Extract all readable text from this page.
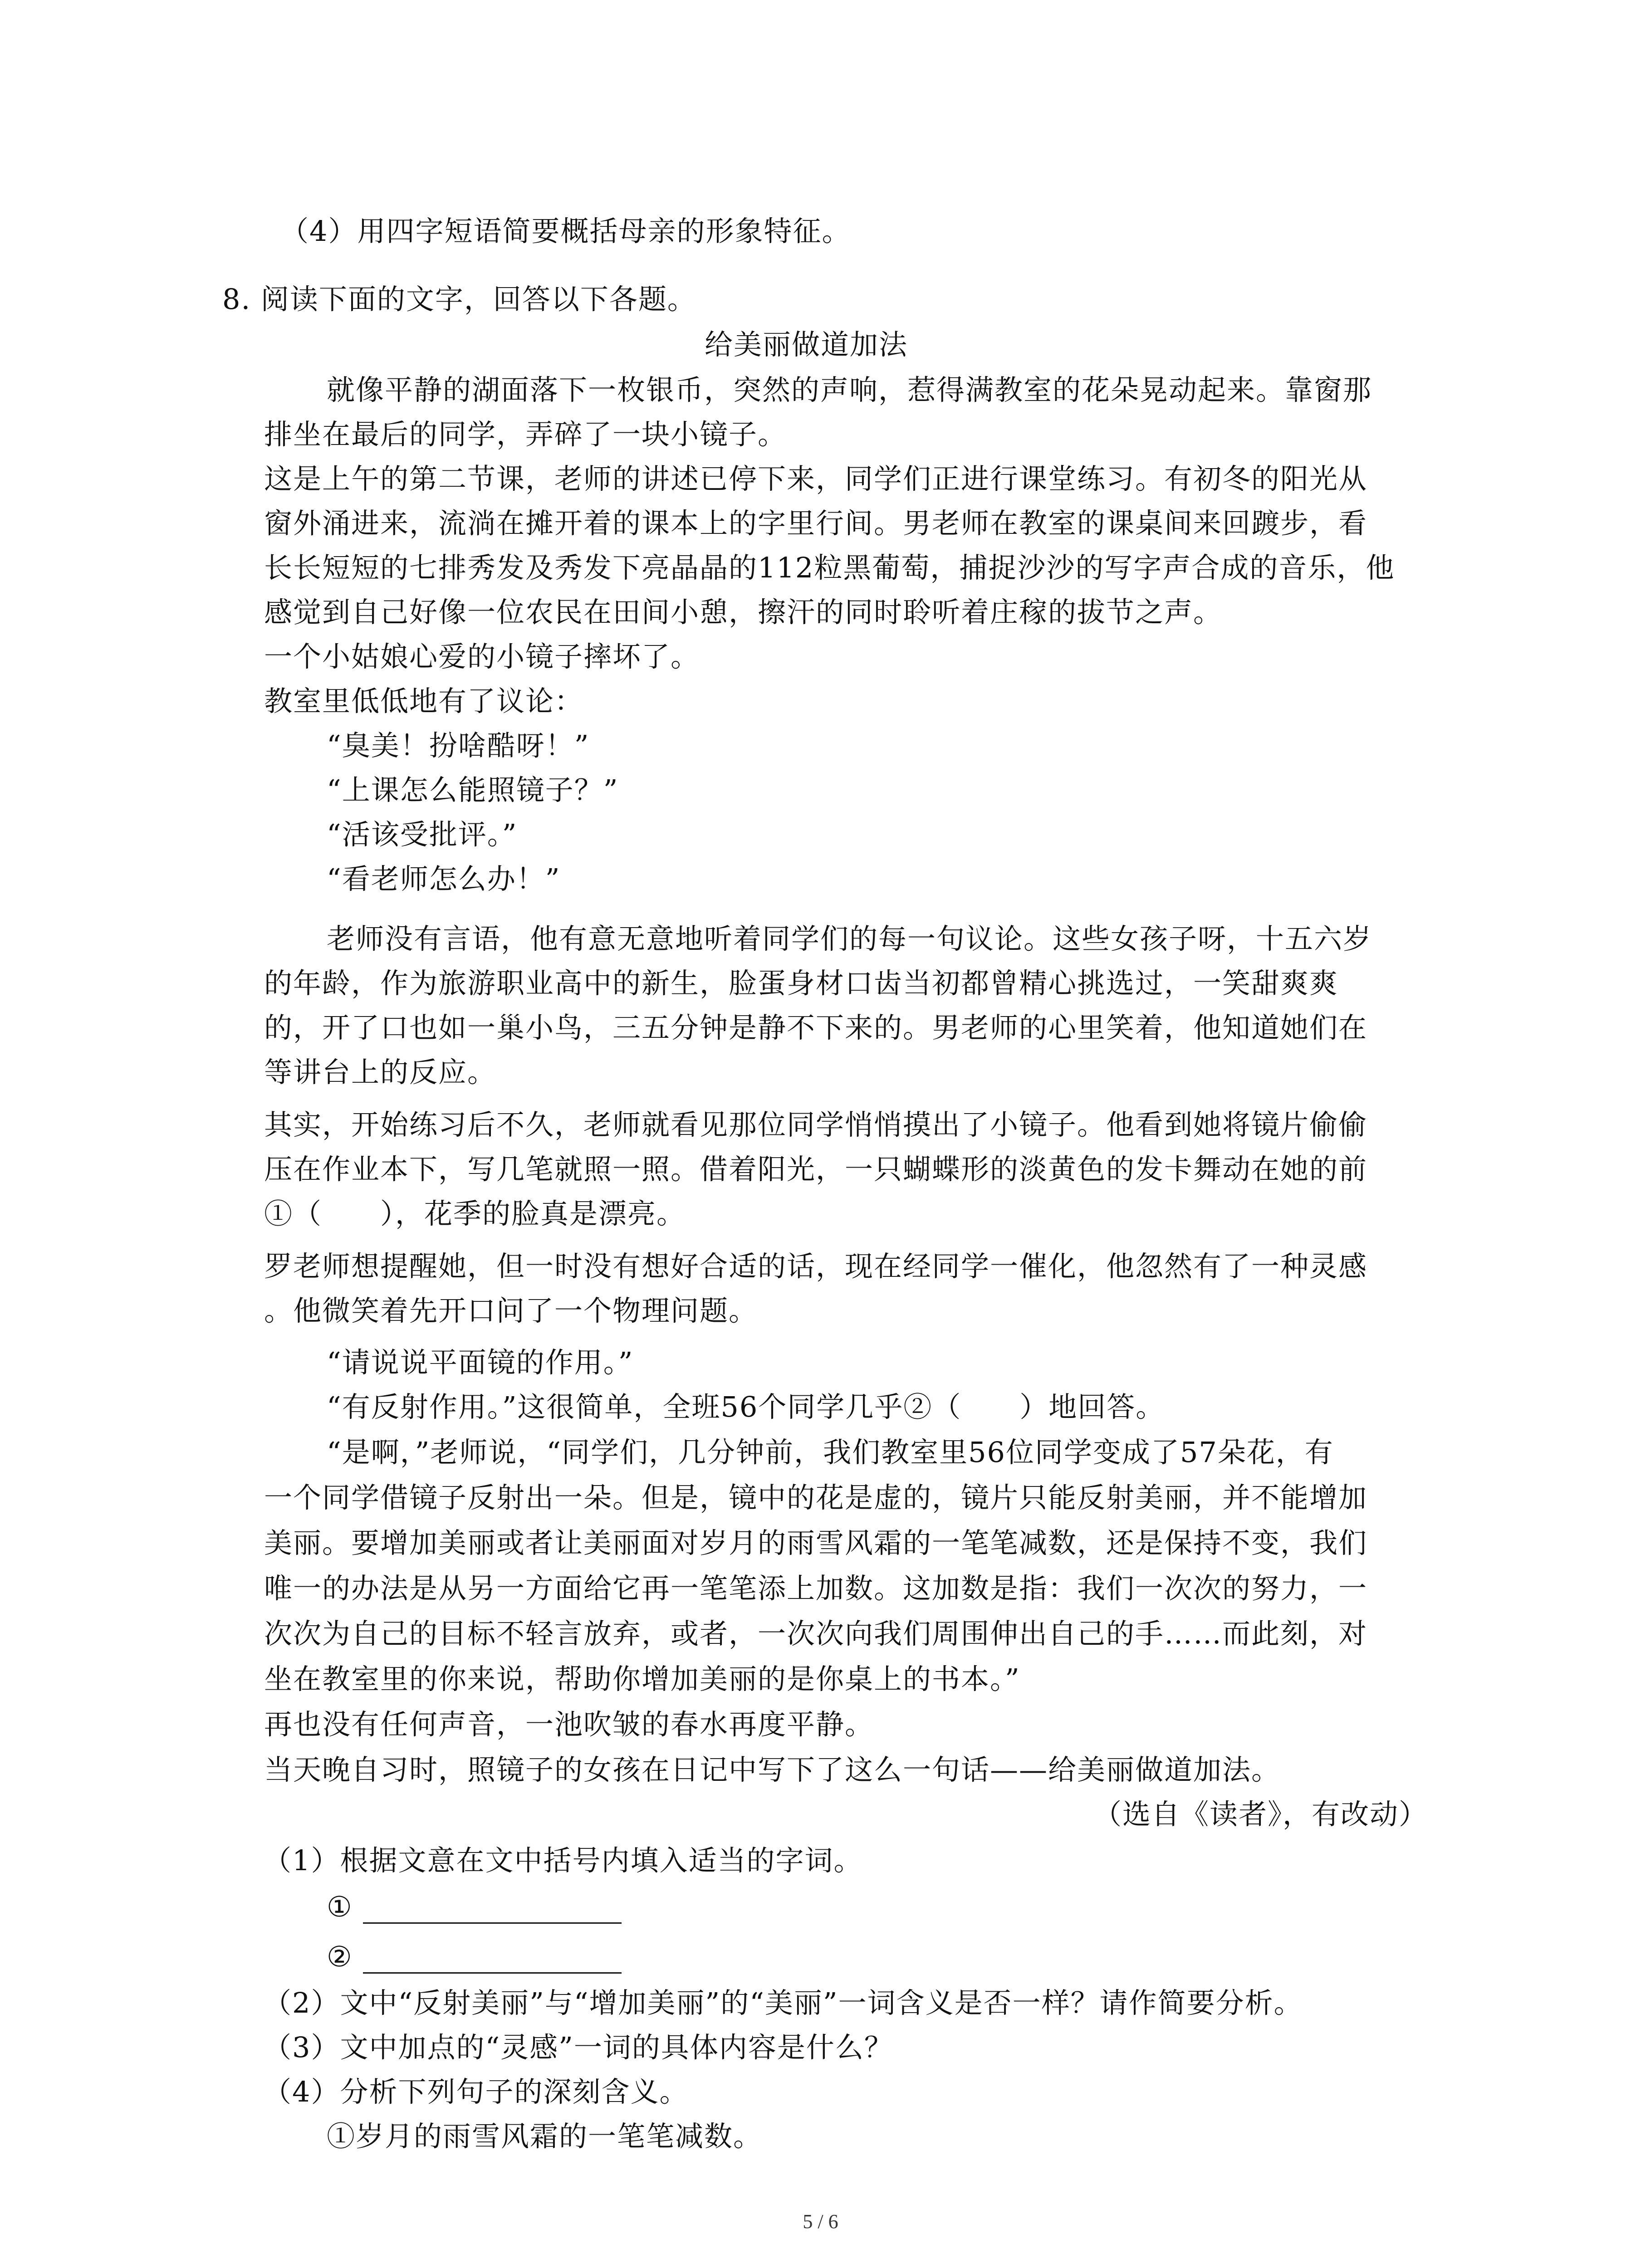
（4）用四字短语简要概括母亲的形象特征。
8. 阅读下面的文字，回答以下各题。
给美丽做道加法
就像平静的湖面落下一枚银币，突然的声响，惹得满教室的花朵晃动起来。靠窗那
排坐在最后的同学，弄碎了一块小镜子。
这是上午的第二节课，老师的讲述已停下来，同学们正进行课堂练习。有初冬的阳光从
窗外涌进来，流淌在摊开着的课本上的字里行间。男老师在教室的课桌间来回踱步，看
长长短短的七排秀发及秀发下亮晶晶的112粒黑葡萄，捕捉沙沙的写字声合成的音乐，他
感觉到自己好像一位农民在田间小憩，擦汗的同时聆听着庄稼的拔节之声。
一个小姑娘心爱的小镜子摔坏了。
教室里低低地有了议论：
“臭美！扮啥酷呀！”
“上课怎么能照镜子？”
“活该受批评。”
“看老师怎么办！”
老师没有言语，他有意无意地听着同学们的每一句议论。这些女孩子呀，十五六岁
的年龄，作为旅游职业高中的新生，脸蛋身材口齿当初都曾精心挑选过，一笑甜爽爽
的，开了口也如一巢小鸟，三五分钟是静不下来的。男老师的心里笑着，他知道她们在
等讲台上的反应。
其实，开始练习后不久，老师就看见那位同学悄悄摸出了小镜子。他看到她将镜片偷偷
压在作业本下，写几笔就照一照。借着阳光，一只蝴蝶形的淡黄色的发卡舞动在她的前
①（　　），花季的脸真是漂亮。
罗老师想提醒她，但一时没有想好合适的话，现在经同学一催化，他忽然有了一种灵感
。他微笑着先开口问了一个物理问题。
“请说说平面镜的作用。”
“有反射作用。”这很简单，全班56个同学几乎②（　　）地回答。
“是啊，”老师说，“同学们，几分钟前，我们教室里56位同学变成了57朵花，有
一个同学借镜子反射出一朵。但是，镜中的花是虚的，镜片只能反射美丽，并不能增加
美丽。要增加美丽或者让美丽面对岁月的雨雪风霜的一笔笔减数，还是保持不变，我们
唯一的办法是从另一方面给它再一笔笔添上加数。这加数是指：我们一次次的努力，一
次次为自己的目标不轻言放弃，或者，一次次向我们周围伸出自己的手……而此刻，对
坐在教室里的你来说，帮助你增加美丽的是你桌上的书本。”
再也没有任何声音，一池吹皱的春水再度平静。
当天晚自习时，照镜子的女孩在日记中写下了这么一句话——给美丽做道加法。
（选自《读者》，有改动）
（1）根据文意在文中括号内填入适当的字词。
①
②
（2）文中“反射美丽”与“增加美丽”的“美丽”一词含义是否一样？请作简要分析。
（3）文中加点的“灵感”一词的具体内容是什么？
（4）分析下列句子的深刻含义。
①岁月的雨雪风霜的一笔笔减数。
5 / 6
